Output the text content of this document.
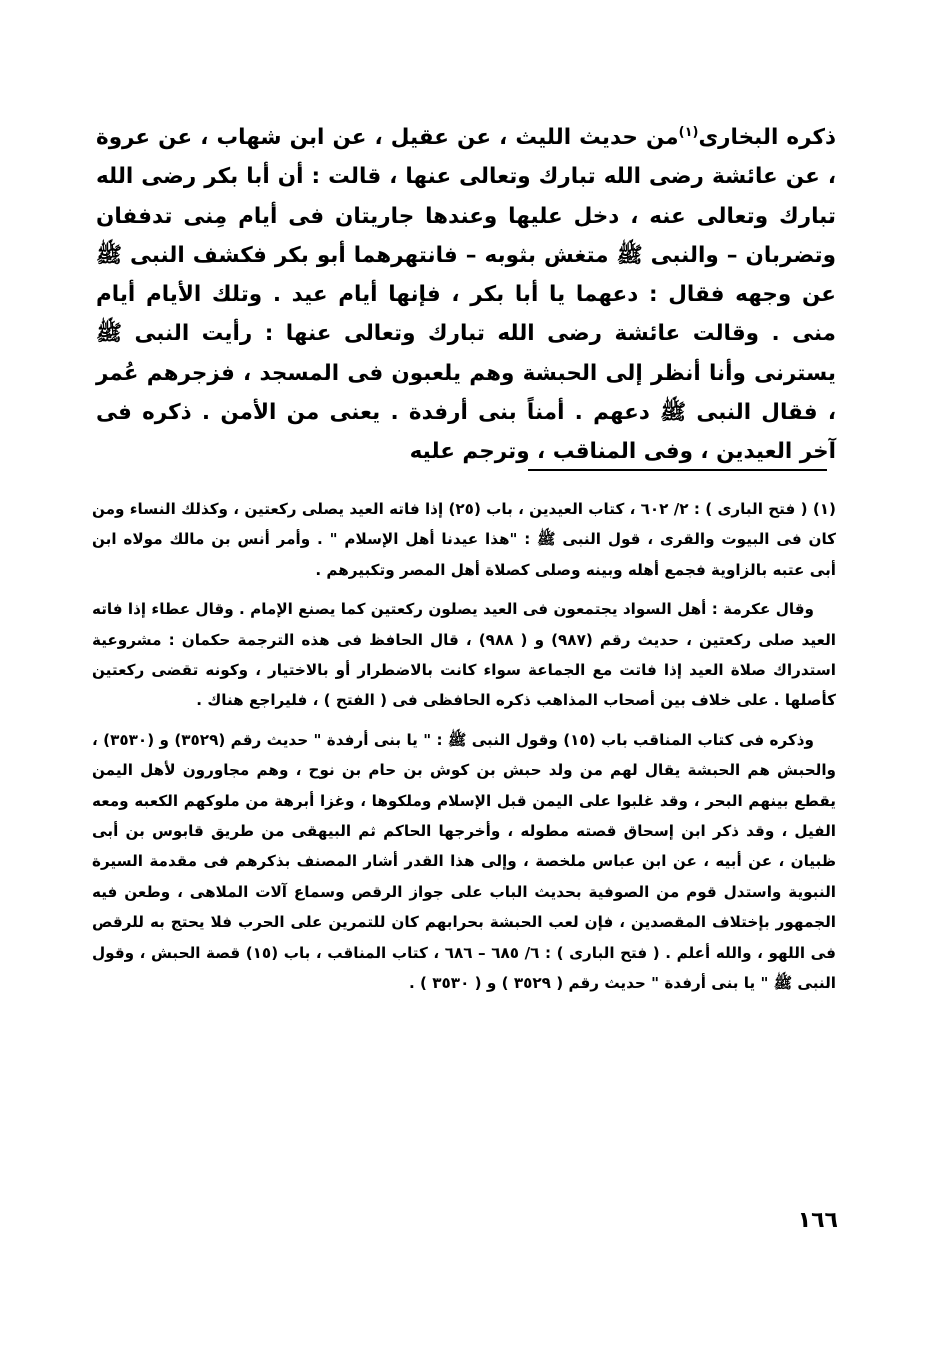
ذكره البخارى$^{(١)}$من حديث الليث ، عن عقيل ، عن ابن شهاب ، عن عروة ، عن عائشة رضى الله تبارك وتعالى عنها ، قالت : أن أبا بكر رضى الله تبارك وتعالى عنه ، دخل عليها وعندها جاريتان فى أيام مِنى تدففان وتضربان – والنبى ﷺ متغش بثوبه – فانتهرهما أبو بكر فكشف النبى ﷺ عن وجهه فقال : دعهما يا أبا بكر ، فإنها أيام عيد . وتلك الأيام أيام منى . وقالت عائشة رضى الله تبارك وتعالى عنها : رأيت النبى ﷺ يسترنى وأنا أنظر إلى الحبشة وهم يلعبون فى المسجد ، فزجرهم عُمر ، فقال النبى ﷺ دعهم . أمناً بنى أرفدة . يعنى من الأمن . ذكره فى آخر العيدين ، وفى المناقب ، وترجم عليه

(١) ( فتح البارى ) : ٢/ ٦٠٢ ، كتاب العيدين ، باب (٢٥) إذا فاته العيد يصلى ركعتين ، وكذلك النساء ومن كان فى البيوت والقرى ، قول النبى ﷺ : "هذا عيدنا أهل الإسلام " . وأمر أنس بن مالك مولاه ابن أبى عتبه بالزاوية فجمع أهله وبينه وصلى كصلاة أهل المصر وتكبيرهم .

وقال عكرمة : أهل السواد يجتمعون فى العيد يصلون ركعتين كما يصنع الإمام . وقال عطاء إذا فاته العيد صلى ركعتين ، حديث رقم (٩٨٧) و ( ٩٨٨) ، قال الحافظ فى هذه الترجمة حكمان : مشروعية استدراك صلاة العيد إذا فاتت مع الجماعة سواء كانت بالاضطرار أو بالاختيار ، وكونه تقضى ركعتين كأصلها . على خلاف بين أصحاب المذاهب ذكره الحافظى فى ( الفتح ) ، فليراجع هناك .

وذكره فى كتاب المناقب باب (١٥) وقول النبى ﷺ : " يا بنى أرفدة " حديث رقم (٣٥٢٩) و (٣٥٣٠) ، والحبش هم الحبشة يقال لهم من ولد حبش بن كوش بن حام بن نوح ، وهم مجاورون لأهل اليمن يقطع بينهم البحر ، وقد غلبوا على اليمن قبل الإسلام وملكوها ، وغزا أبرهة من ملوكهم الكعبه ومعه الفيل ، وقد ذكر ابن إسحاق قصته مطوله ، وأخرجها الحاكم ثم البيهقى من طريق قابوس بن أبى ظبيان ، عن أبيه ، عن ابن عباس ملخصة ، وإلى هذا القدر أشار المصنف بذكرهم فى مقدمة السيرة النبوية واستدل قوم من الصوفية بحديث الباب على جواز الرقص وسماع آلات الملاهى ، وطعن فيه الجمهور بإختلاف المقصدين ، فإن لعب الحبشة بحرابهم كان للتمرين على الحرب فلا يحتج به للرقص فى اللهو ، والله أعلم . ( فتح البارى ) : ٦/ ٦٨٥ – ٦٨٦ ، كتاب المناقب ، باب (١٥) قصة الحبش ، وقول النبى ﷺ " يا بنى أرفدة " حديث رقم ( ٣٥٢٩ ) و ( ٣٥٣٠ ) .

١٦٦
